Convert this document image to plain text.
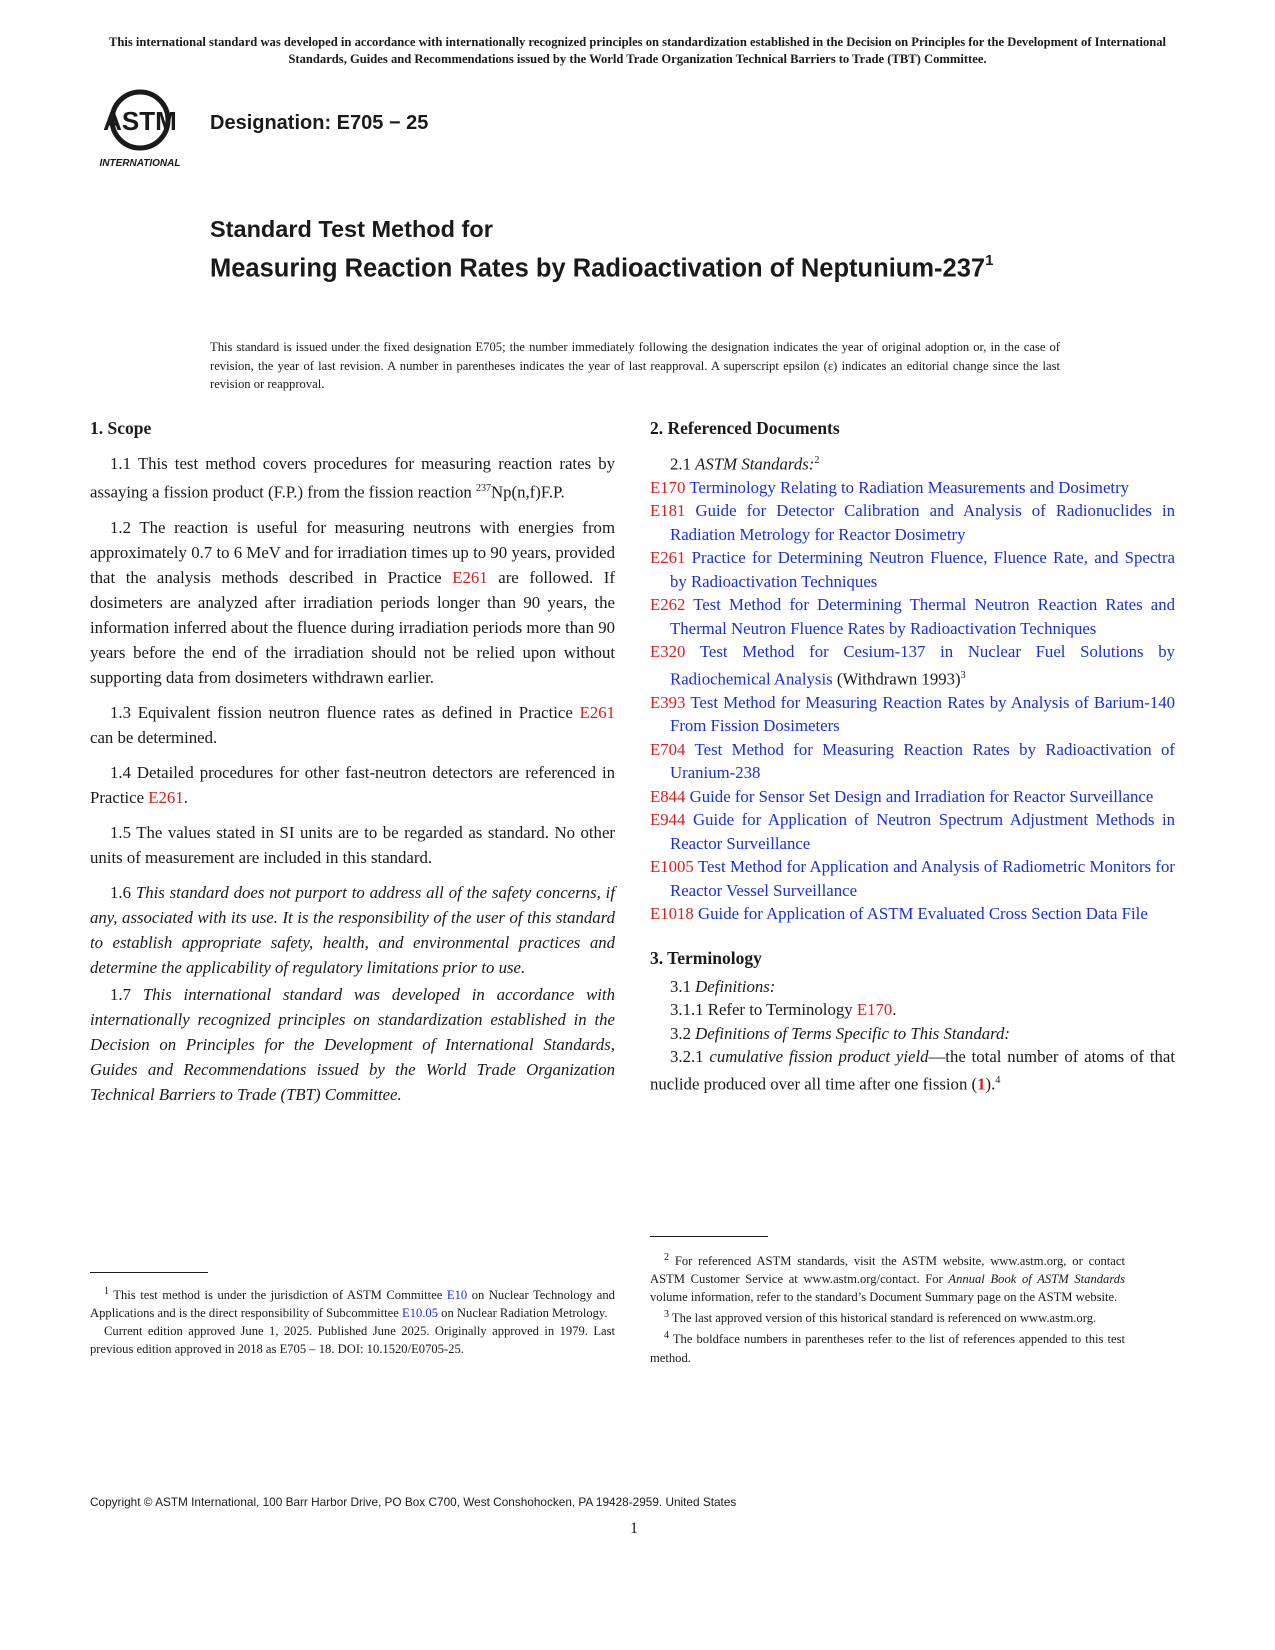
This international standard was developed in accordance with internationally recognized principles on standardization established in the Decision on Principles for the Development of International Standards, Guides and Recommendations issued by the World Trade Organization Technical Barriers to Trade (TBT) Committee.
ASTM
INTERNATIONAL
Designation: E705 − 25
Standard Test Method for
Measuring Reaction Rates by Radioactivation of Neptunium-$237^1$
This standard is issued under the fixed designation E705; the number immediately following the designation indicates the year of original adoption or, in the case of revision, the year of last revision. A number in parentheses indicates the year of last reapproval. A superscript epsilon (ε) indicates an editorial change since the last revision or reapproval.
1. Scope
1.1 This test method covers procedures for measuring reaction rates by assaying a fission product (F.P.) from the fission reaction $^{237}$Np(n,f)F.P.
1.2 The reaction is useful for measuring neutrons with energies from approximately 0.7 to 6 MeV and for irradiation times up to 90 years, provided that the analysis methods described in Practice E261 are followed. If dosimeters are analyzed after irradiation periods longer than 90 years, the information inferred about the fluence during irradiation periods more than 90 years before the end of the irradiation should not be relied upon without supporting data from dosimeters withdrawn earlier.
1.3 Equivalent fission neutron fluence rates as defined in Practice E261 can be determined.
1.4 Detailed procedures for other fast-neutron detectors are referenced in Practice E261.
1.5 The values stated in SI units are to be regarded as standard. No other units of measurement are included in this standard.
1.6 This standard does not purport to address all of the safety concerns, if any, associated with its use. It is the responsibility of the user of this standard to establish appropriate safety, health, and environmental practices and determine the applicability of regulatory limitations prior to use.
1.7 This international standard was developed in accordance with internationally recognized principles on standardization established in the Decision on Principles for the Development of International Standards, Guides and Recommendations issued by the World Trade Organization Technical Barriers to Trade (TBT) Committee.
$^1$ This test method is under the jurisdiction of ASTM Committee E10 on Nuclear Technology and Applications and is the direct responsibility of Subcommittee E10.05 on Nuclear Radiation Metrology.
Current edition approved June 1, 2025. Published June 2025. Originally approved in 1979. Last previous edition approved in 2018 as E705 – 18. DOI: 10.1520/E0705-25.
2. Referenced Documents
2.1 ASTM Standards:$^2$
E170 Terminology Relating to Radiation Measurements and Dosimetry
E181 Guide for Detector Calibration and Analysis of Radionuclides in Radiation Metrology for Reactor Dosimetry
E261 Practice for Determining Neutron Fluence, Fluence Rate, and Spectra by Radioactivation Techniques
E262 Test Method for Determining Thermal Neutron Reaction Rates and Thermal Neutron Fluence Rates by Radioactivation Techniques
E320 Test Method for Cesium-137 in Nuclear Fuel Solutions by Radiochemical Analysis (Withdrawn 1993)$^3$
E393 Test Method for Measuring Reaction Rates by Analysis of Barium-140 From Fission Dosimeters
E704 Test Method for Measuring Reaction Rates by Radioactivation of Uranium-238
E844 Guide for Sensor Set Design and Irradiation for Reactor Surveillance
E944 Guide for Application of Neutron Spectrum Adjustment Methods in Reactor Surveillance
E1005 Test Method for Application and Analysis of Radiometric Monitors for Reactor Vessel Surveillance
E1018 Guide for Application of ASTM Evaluated Cross Section Data File
3. Terminology
3.1 Definitions:
3.1.1 Refer to Terminology E170.
3.2 Definitions of Terms Specific to This Standard:
3.2.1 cumulative fission product yield—the total number of atoms of that nuclide produced over all time after one fission (1).$^4$
$^2$ For referenced ASTM standards, visit the ASTM website, www.astm.org, or contact ASTM Customer Service at www.astm.org/contact. For Annual Book of ASTM Standards volume information, refer to the standard’s Document Summary page on the ASTM website.
$^3$ The last approved version of this historical standard is referenced on www.astm.org.
$^4$ The boldface numbers in parentheses refer to the list of references appended to this test method.
Copyright © ASTM International, 100 Barr Harbor Drive, PO Box C700, West Conshohocken, PA 19428-2959. United States
1
